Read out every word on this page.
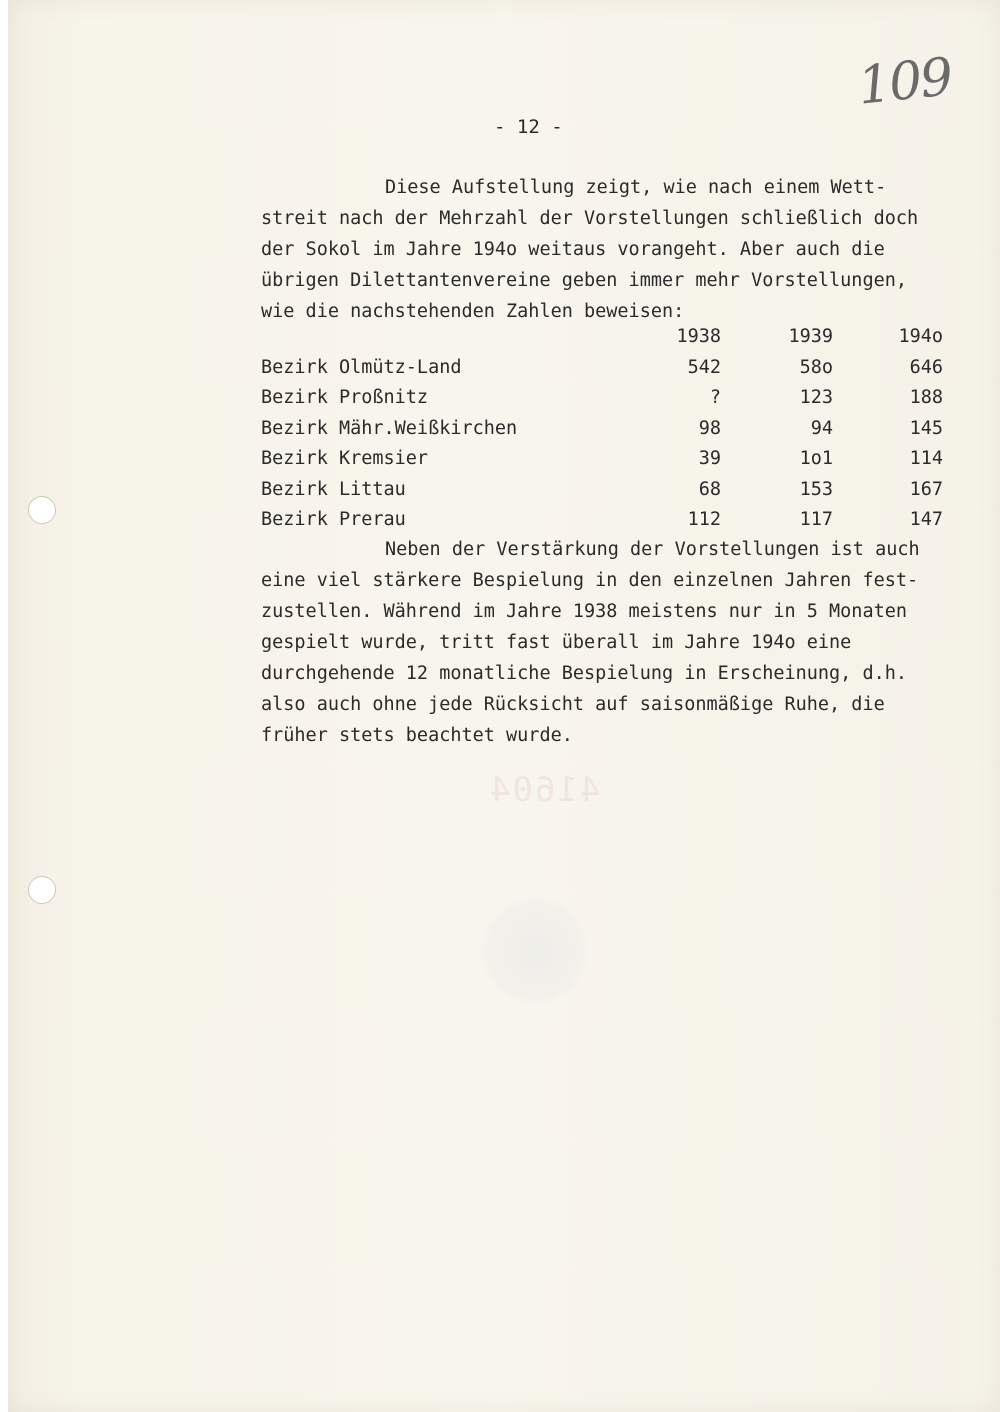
109
- 12 -
Diese Aufstellung zeigt, wie nach einem Wett-
streit nach der Mehrzahl der Vorstellungen schließlich doch
der Sokol im Jahre 194o weitaus vorangeht. Aber auch die
übrigen Dilettantenvereine geben immer mehr Vorstellungen,
wie die nachstehenden Zahlen beweisen:
1938	1939	194o
Bezirk Olmütz-Land	542	58o	646
Bezirk Proßnitz	?	123	188
Bezirk Mähr.Weißkirchen	98	94	145
Bezirk Kremsier	39	1o1	114
Bezirk Littau	68	153	167
Bezirk Prerau	112	117	147
Neben der Verstärkung der Vorstellungen ist auch
eine viel stärkere Bespielung in den einzelnen Jahren fest-
zustellen. Während im Jahre 1938 meistens nur in 5 Monaten
gespielt wurde, tritt fast überall im Jahre 194o eine
durchgehende 12 monatliche Bespielung in Erscheinung, d.h.
also auch ohne jede Rücksicht auf saisonmäßige Ruhe, die
früher stets beachtet wurde.
41604
